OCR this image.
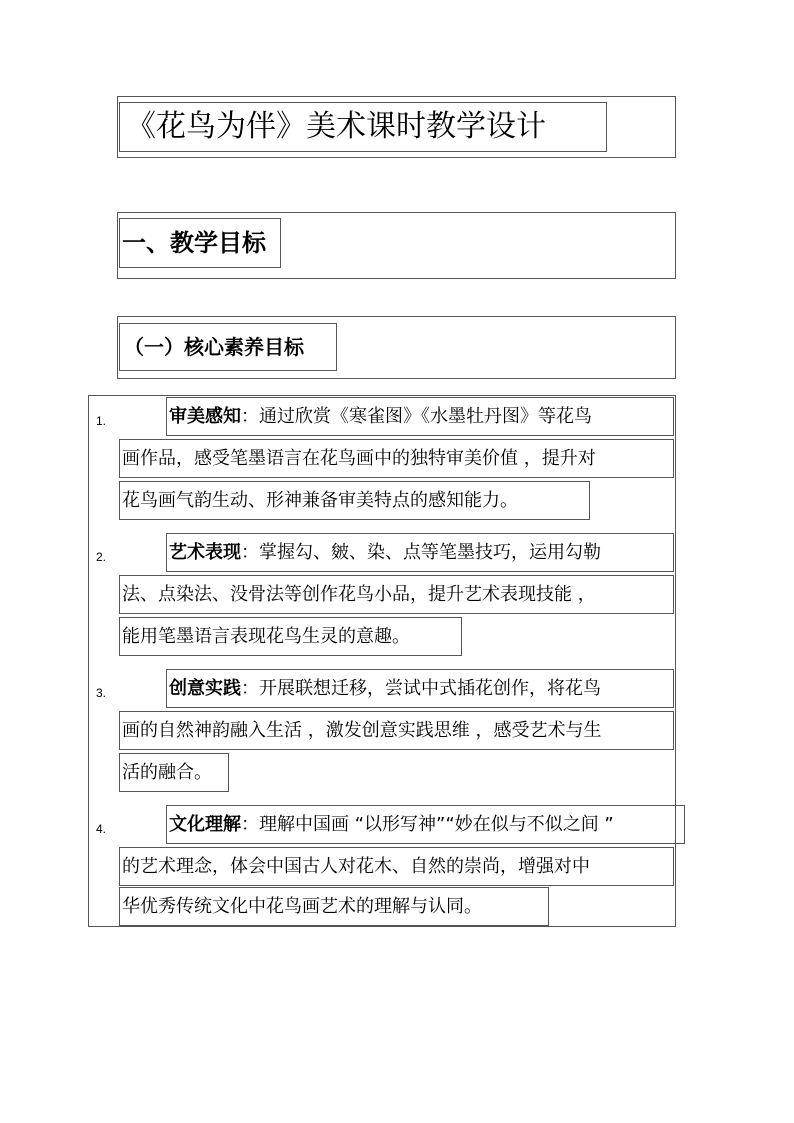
《花鸟为伴》美术课时教学设计
一、教学目标
（一）核心素养目标
1.	审美感知：通过欣赏《寒雀图》《水墨牡丹图》等花鸟
画作品，感受笔墨语言在花鸟画中的独特审美价值 ，提升对
花鸟画气韵生动、形神兼备审美特点的感知能力。
2.	艺术表现：掌握勾、皴、染、点等笔墨技巧，运用勾勒
法、点染法、没骨法等创作花鸟小品，提升艺术表现技能 ，
能用笔墨语言表现花鸟生灵的意趣。
3.	创意实践：开展联想迁移，尝试中式插花创作，将花鸟
画的自然神韵融入生活 ，激发创意实践思维 ，感受艺术与生
活的融合。
4.	文化理解：理解中国画 “以形写神”“妙在似与不似之间 ”
的艺术理念，体会中国古人对花木、自然的崇尚，增强对中
华优秀传统文化中花鸟画艺术的理解与认同。
